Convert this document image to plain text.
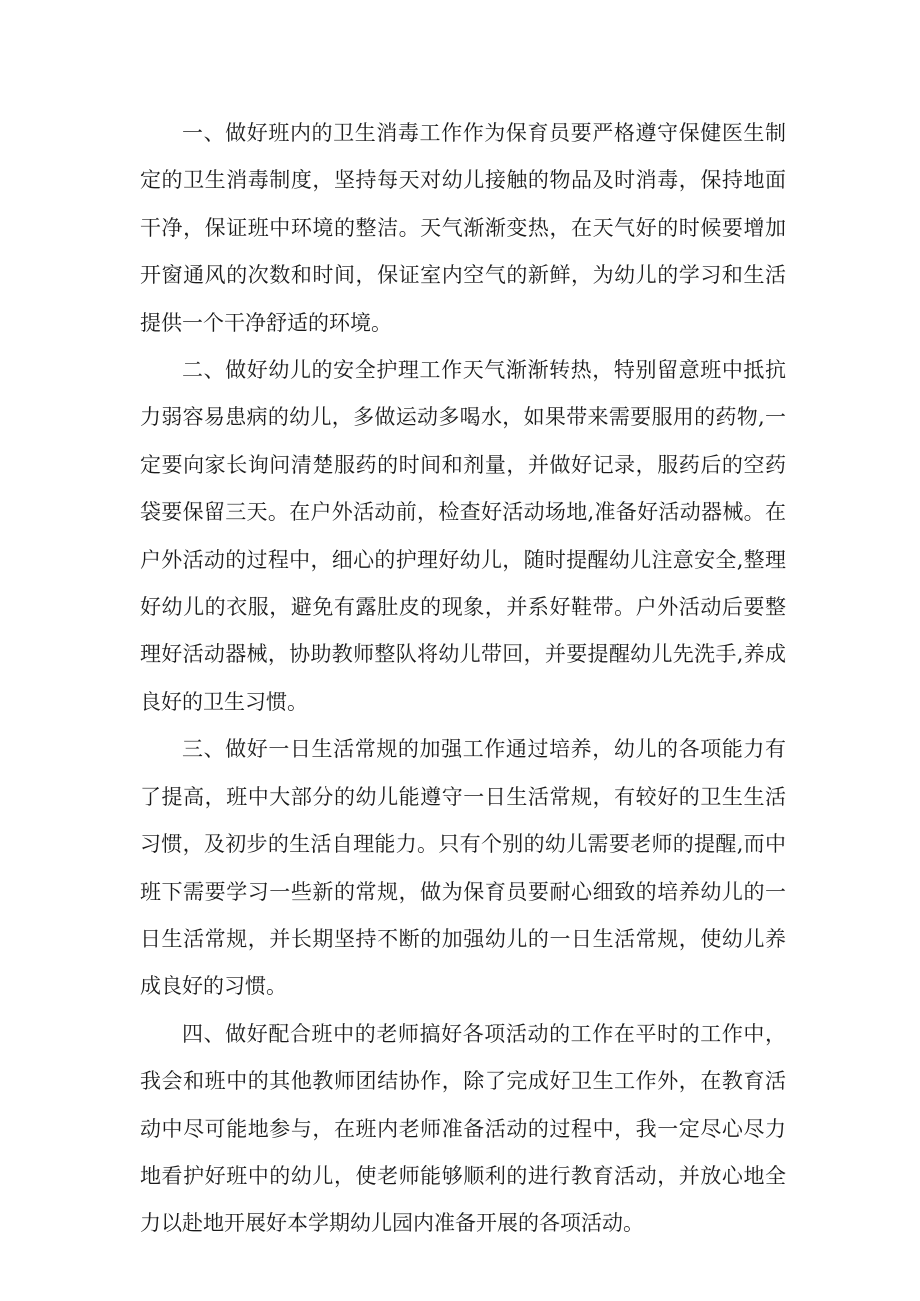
一、做好班内的卫生消毒工作作为保育员要严格遵守保健医生制定的卫生消毒制度，坚持每天对幼儿接触的物品及时消毒，保持地面干净，保证班中环境的整洁。天气渐渐变热，在天气好的时候要增加开窗通风的次数和时间，保证室内空气的新鲜，为幼儿的学习和生活提供一个干净舒适的环境。

二、做好幼儿的安全护理工作天气渐渐转热，特别留意班中抵抗力弱容易患病的幼儿，多做运动多喝水，如果带来需要服用的药物,一定要向家长询问清楚服药的时间和剂量，并做好记录，服药后的空药袋要保留三天。在户外活动前，检查好活动场地,准备好活动器械。在户外活动的过程中，细心的护理好幼儿，随时提醒幼儿注意安全,整理好幼儿的衣服，避免有露肚皮的现象，并系好鞋带。户外活动后要整理好活动器械，协助教师整队将幼儿带回，并要提醒幼儿先洗手,养成良好的卫生习惯。

三、做好一日生活常规的加强工作通过培养，幼儿的各项能力有了提高，班中大部分的幼儿能遵守一日生活常规，有较好的卫生生活习惯，及初步的生活自理能力。只有个别的幼儿需要老师的提醒,而中班下需要学习一些新的常规，做为保育员要耐心细致的培养幼儿的一日生活常规，并长期坚持不断的加强幼儿的一日生活常规，使幼儿养成良好的习惯。

四、做好配合班中的老师搞好各项活动的工作在平时的工作中，我会和班中的其他教师团结协作，除了完成好卫生工作外，在教育活动中尽可能地参与，在班内老师准备活动的过程中，我一定尽心尽力地看护好班中的幼儿，使老师能够顺利的进行教育活动，并放心地全力以赴地开展好本学期幼儿园内准备开展的各项活动。
